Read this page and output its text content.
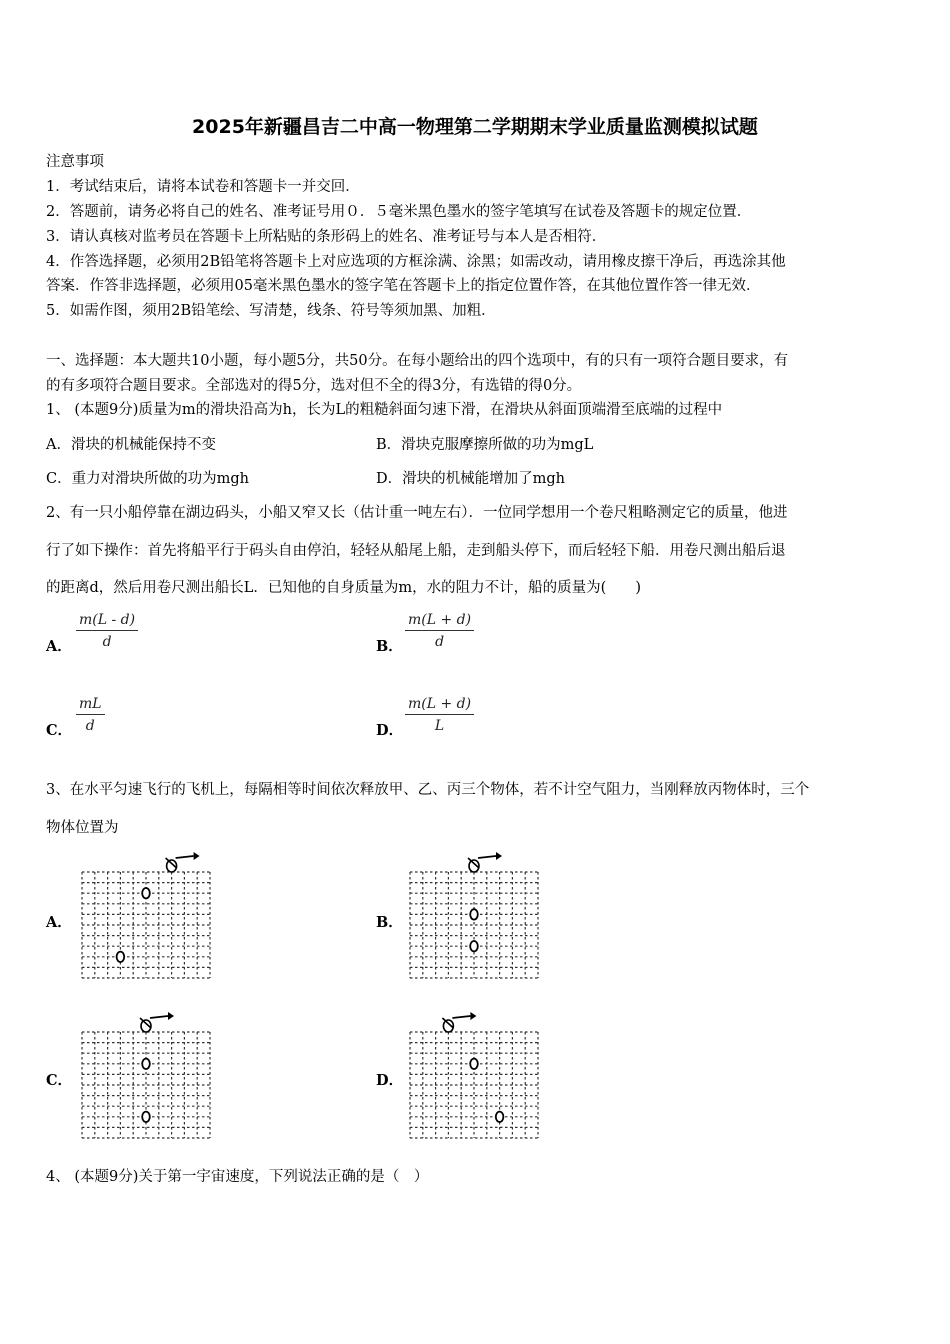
2025年新疆昌吉二中高一物理第二学期期末学业质量监测模拟试题
注意事项
1．考试结束后，请将本试卷和答题卡一并交回．
2．答题前，请务必将自己的姓名、准考证号用０．５毫米黑色墨水的签字笔填写在试卷及答题卡的规定位置．
3．请认真核对监考员在答题卡上所粘贴的条形码上的姓名、准考证号与本人是否相符．
4．作答选择题，必须用2B铅笔将答题卡上对应选项的方框涂满、涂黑；如需改动，请用橡皮擦干净后，再选涂其他
答案．作答非选择题，必须用05毫米黑色墨水的签字笔在答题卡上的指定位置作答，在其他位置作答一律无效．
5．如需作图，须用2B铅笔绘、写清楚，线条、符号等须加黑、加粗．
一、选择题：本大题共10小题，每小题5分，共50分。在每小题给出的四个选项中，有的只有一项符合题目要求，有
的有多项符合题目要求。全部选对的得5分，选对但不全的得3分，有选错的得0分。
1、 (本题9分)质量为m的滑块沿高为h，长为L的粗糙斜面匀速下滑，在滑块从斜面顶端滑至底端的过程中
A．滑块的机械能保持不变	B．滑块克服摩擦所做的功为mgL
C．重力对滑块所做的功为mgh	D．滑块的机械能增加了mgh
2、有一只小船停靠在湖边码头，小船又窄又长（估计重一吨左右）．一位同学想用一个卷尺粗略测定它的质量，他进
行了如下操作：首先将船平行于码头自由停泊，轻轻从船尾上船，走到船头停下，而后轻轻下船．用卷尺测出船后退
的距离d，然后用卷尺测出船长L．已知他的自身质量为m，水的阻力不计，船的质量为(　　)
A． $\frac{m(L - d)}{d}$	B． $\frac{m(L + d)}{d}$
C． $\frac{mL}{d}$	D． $\frac{m(L + d)}{L}$
3、在水平匀速飞行的飞机上，每隔相等时间依次释放甲、乙、丙三个物体，若不计空气阻力，当刚释放丙物体时，三个
物体位置为
A．	B．
C．	D．
4、 (本题9分)关于第一宇宙速度，下列说法正确的是（　）
